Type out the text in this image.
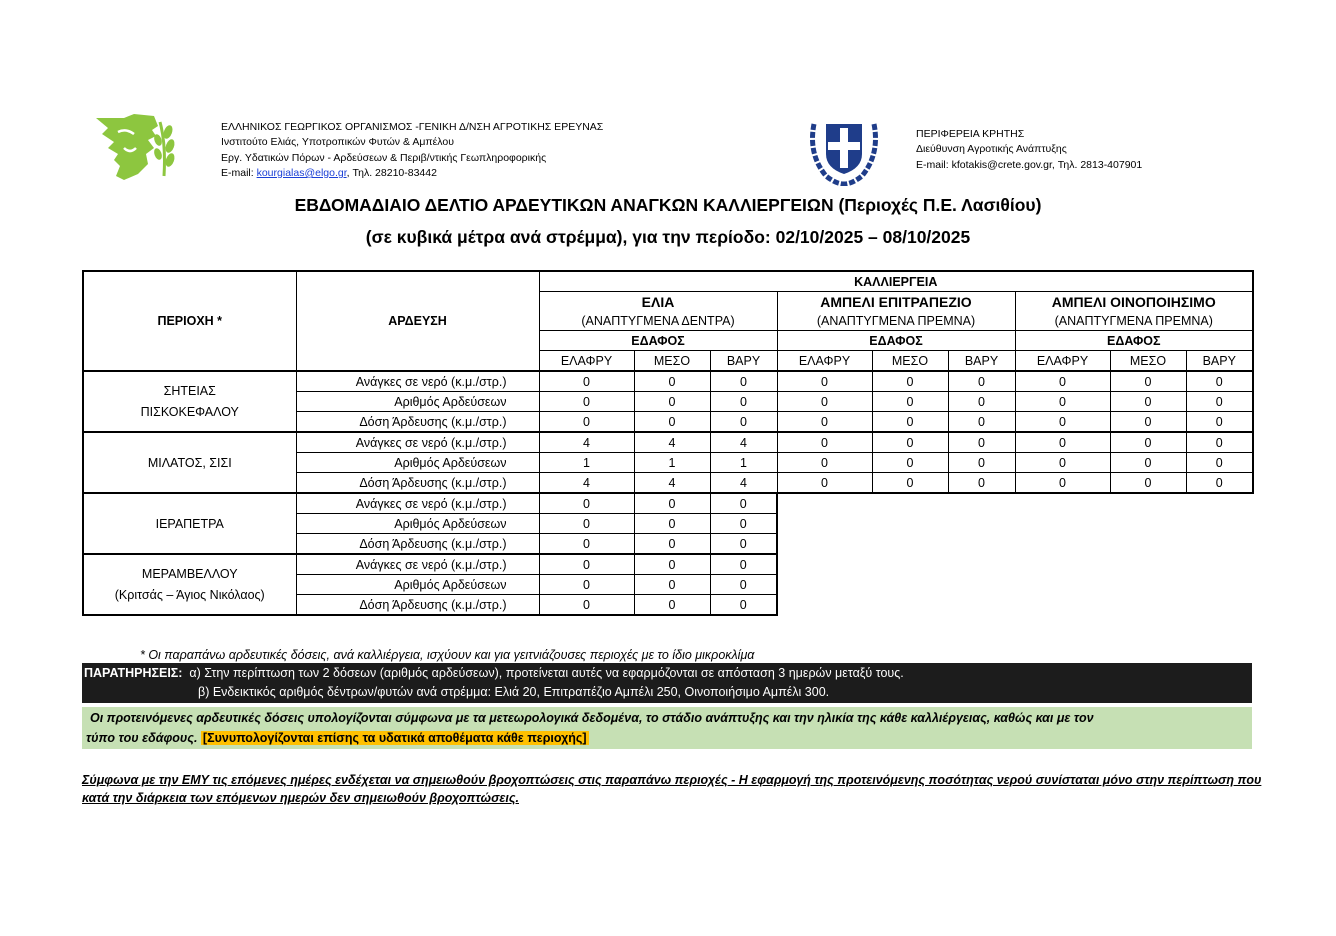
ΕΛΛΗΝΙΚΟΣ ΓΕΩΡΓΙΚΟΣ ΟΡΓΑΝΙΣΜΟΣ -ΓΕΝΙΚΗ Δ/ΝΣΗ ΑΓΡΟΤΙΚΗΣ ΕΡΕΥΝΑΣ
Ινστιτούτο Ελιάς, Υποτροπικών Φυτών & Αμπέλου
Εργ. Υδατικών Πόρων - Αρδεύσεων & Περιβ/ντικής Γεωπληροφορικής
E-mail: kourgialas@elgo.gr, Τηλ. 28210-83442
ΠΕΡΙΦΕΡΕΙΑ ΚΡΗΤΗΣ
Διεύθυνση Αγροτικής Ανάπτυξης
E-mail: kfotakis@crete.gov.gr, Τηλ. 2813-407901
ΕΒΔΟΜΑΔΙΑΙΟ ΔΕΛΤΙΟ ΑΡΔΕΥΤΙΚΩΝ ΑΝΑΓΚΩΝ ΚΑΛΛΙΕΡΓΕΙΩΝ (Περιοχές Π.Ε. Λασιθίου)
(σε κυβικά μέτρα ανά στρέμμα), για την περίοδο: 02/10/2025 – 08/10/2025
ΠΕΡΙΟΧΗ *	ΑΡΔΕΥΣΗ	ΚΑΛΛΙΕΡΓΕΙΑ								
		ΕΛΙΑ			ΑΜΠΕΛΙ ΕΠΙΤΡΑΠΕΖΙΟ			ΑΜΠΕΛΙ ΟΙΝΟΠΟΙΗΣΙΜΟ		
		(ΑΝΑΠΤΥΓΜΕΝΑ ΔΕΝΤΡΑ)			(ΑΝΑΠΤΥΓΜΕΝΑ ΠΡΕΜΝΑ)			(ΑΝΑΠΤΥΓΜΕΝΑ ΠΡΕΜΝΑ)		
		ΕΔΑΦΟΣ			ΕΔΑΦΟΣ			ΕΔΑΦΟΣ		
		ΕΛΑΦΡΥ	ΜΕΣΟ	ΒΑΡΥ	ΕΛΑΦΡΥ	ΜΕΣΟ	ΒΑΡΥ	ΕΛΑΦΡΥ	ΜΕΣΟ	ΒΑΡΥ

ΣΗΤΕΙΑΣ
ΠΙΣΚΟΚΕΦΑΛΟΥ	Ανάγκες σε νερό (κ.μ./στρ.)	0	0	0	0	0	0	0	0	0
	Αριθμός Αρδεύσεων	0	0	0	0	0	0	0	0	0
	Δόση Άρδευσης (κ.μ./στρ.)	0	0	0	0	0	0	0	0	0
ΜΙΛΑΤΟΣ, ΣΙΣΙ	Ανάγκες σε νερό (κ.μ./στρ.)	4	4	4	0	0	0	0	0	0
	Αριθμός Αρδεύσεων	1	1	1	0	0	0	0	0	0
	Δόση Άρδευσης (κ.μ./στρ.)	4	4	4	0	0	0	0	0	0
ΙΕΡΑΠΕΤΡΑ	Ανάγκες σε νερό (κ.μ./στρ.)	0	0	0						
	Αριθμός Αρδεύσεων	0	0	0						
	Δόση Άρδευσης (κ.μ./στρ.)	0	0	0						

ΜΕΡΑΜΒΕΛΛΟΥ
(Κριτσάς – Άγιος Νικόλαος)	Ανάγκες σε νερό (κ.μ./στρ.)	0	0	0						
	Αριθμός Αρδεύσεων	0	0	0						
	Δόση Άρδευσης (κ.μ./στρ.)	0	0	0						
* Οι παραπάνω αρδευτικές δόσεις, ανά καλλιέργεια, ισχύουν και για γειτνιάζουσες περιοχές με το ίδιο μικροκλίμα
ΠΑΡΑΤΗΡΗΣΕΙΣ: α) Στην περίπτωση των 2 δόσεων (αριθμός αρδεύσεων), προτείνεται αυτές να εφαρμόζονται σε απόσταση 3 ημερών μεταξύ τους.
β) Ενδεικτικός αριθμός δέντρων/φυτών ανά στρέμμα: Ελιά 20, Επιτραπέζιο Αμπέλι 250, Οινοποιήσιμο Αμπέλι 300.
Οι προτεινόμενες αρδευτικές δόσεις υπολογίζονται σύμφωνα με τα μετεωρολογικά δεδομένα, το στάδιο ανάπτυξης και την ηλικία της κάθε καλλιέργειας, καθώς και με τον
τύπο του εδάφους. [Συνυπολογίζονται επίσης τα υδατικά αποθέματα κάθε περιοχής]
Σύμφωνα με την ΕΜΥ τις επόμενες ημέρες ενδέχεται να σημειωθούν βροχοπτώσεις στις παραπάνω περιοχές - Η εφαρμογή της προτεινόμενης ποσότητας νερού συνίσταται μόνο στην περίπτωση που κατά την διάρκεια των επόμενων ημερών δεν σημειωθούν βροχοπτώσεις.
